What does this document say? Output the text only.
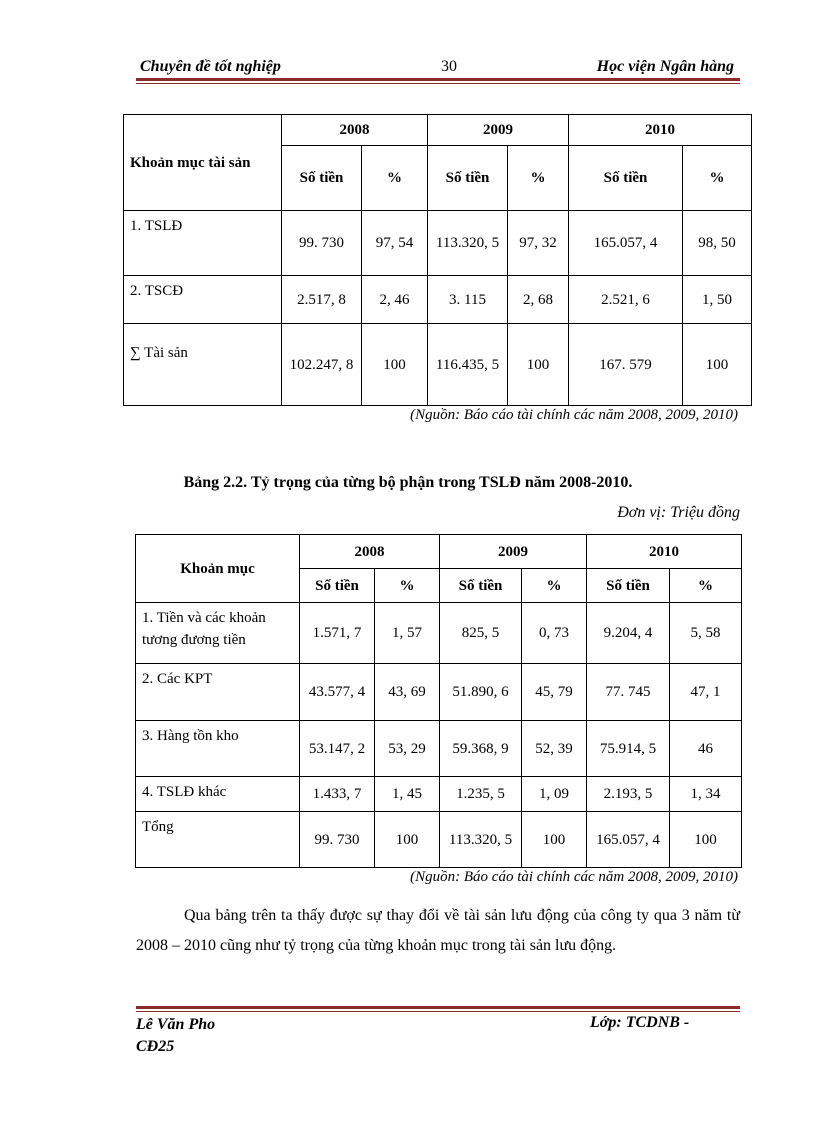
Chuyên đề tốt nghiệp	30	Học viện Ngân hàng
Khoản mục tài sản	2008		2009		2010	
	Số tiền	%	Số tiền	%	Số tiền	%
1. TSLĐ	99. 730	97, 54	113.320, 5	97, 32	165.057, 4	98, 50
2. TSCĐ	2.517, 8	2, 46	3. 115	2, 68	2.521, 6	1, 50
∑ Tài sản	102.247, 8	100	116.435, 5	100	167. 579	100
(Nguồn: Báo cáo tài chính các năm 2008, 2009, 2010)
Bảng 2.2. Tỷ trọng của từng bộ phận trong TSLĐ năm 2008-2010.
Đơn vị: Triệu đồng
Khoản mục	2008		2009		2010	
	Số tiền	%	Số tiền	%	Số tiền	%
1. Tiền và các khoản tương đương tiền	1.571, 7	1, 57	825, 5	0, 73	9.204, 4	5, 58
2. Các KPT	43.577, 4	43, 69	51.890, 6	45, 79	77. 745	47, 1
3. Hàng tồn kho	53.147, 2	53, 29	59.368, 9	52, 39	75.914, 5	46
4. TSLĐ khác	1.433, 7	1, 45	1.235, 5	1, 09	2.193, 5	1, 34
Tổng	99. 730	100	113.320, 5	100	165.057, 4	100
(Nguồn: Báo cáo tài chính các năm 2008, 2009, 2010)
Qua bảng trên ta thấy được sự thay đổi về tài sản lưu động của công ty qua 3 năm từ 2008 – 2010 cũng như tỷ trọng của từng khoản mục trong tài sản lưu động.
Lê Văn Pho
CĐ25
Lớp: TCDNB -
